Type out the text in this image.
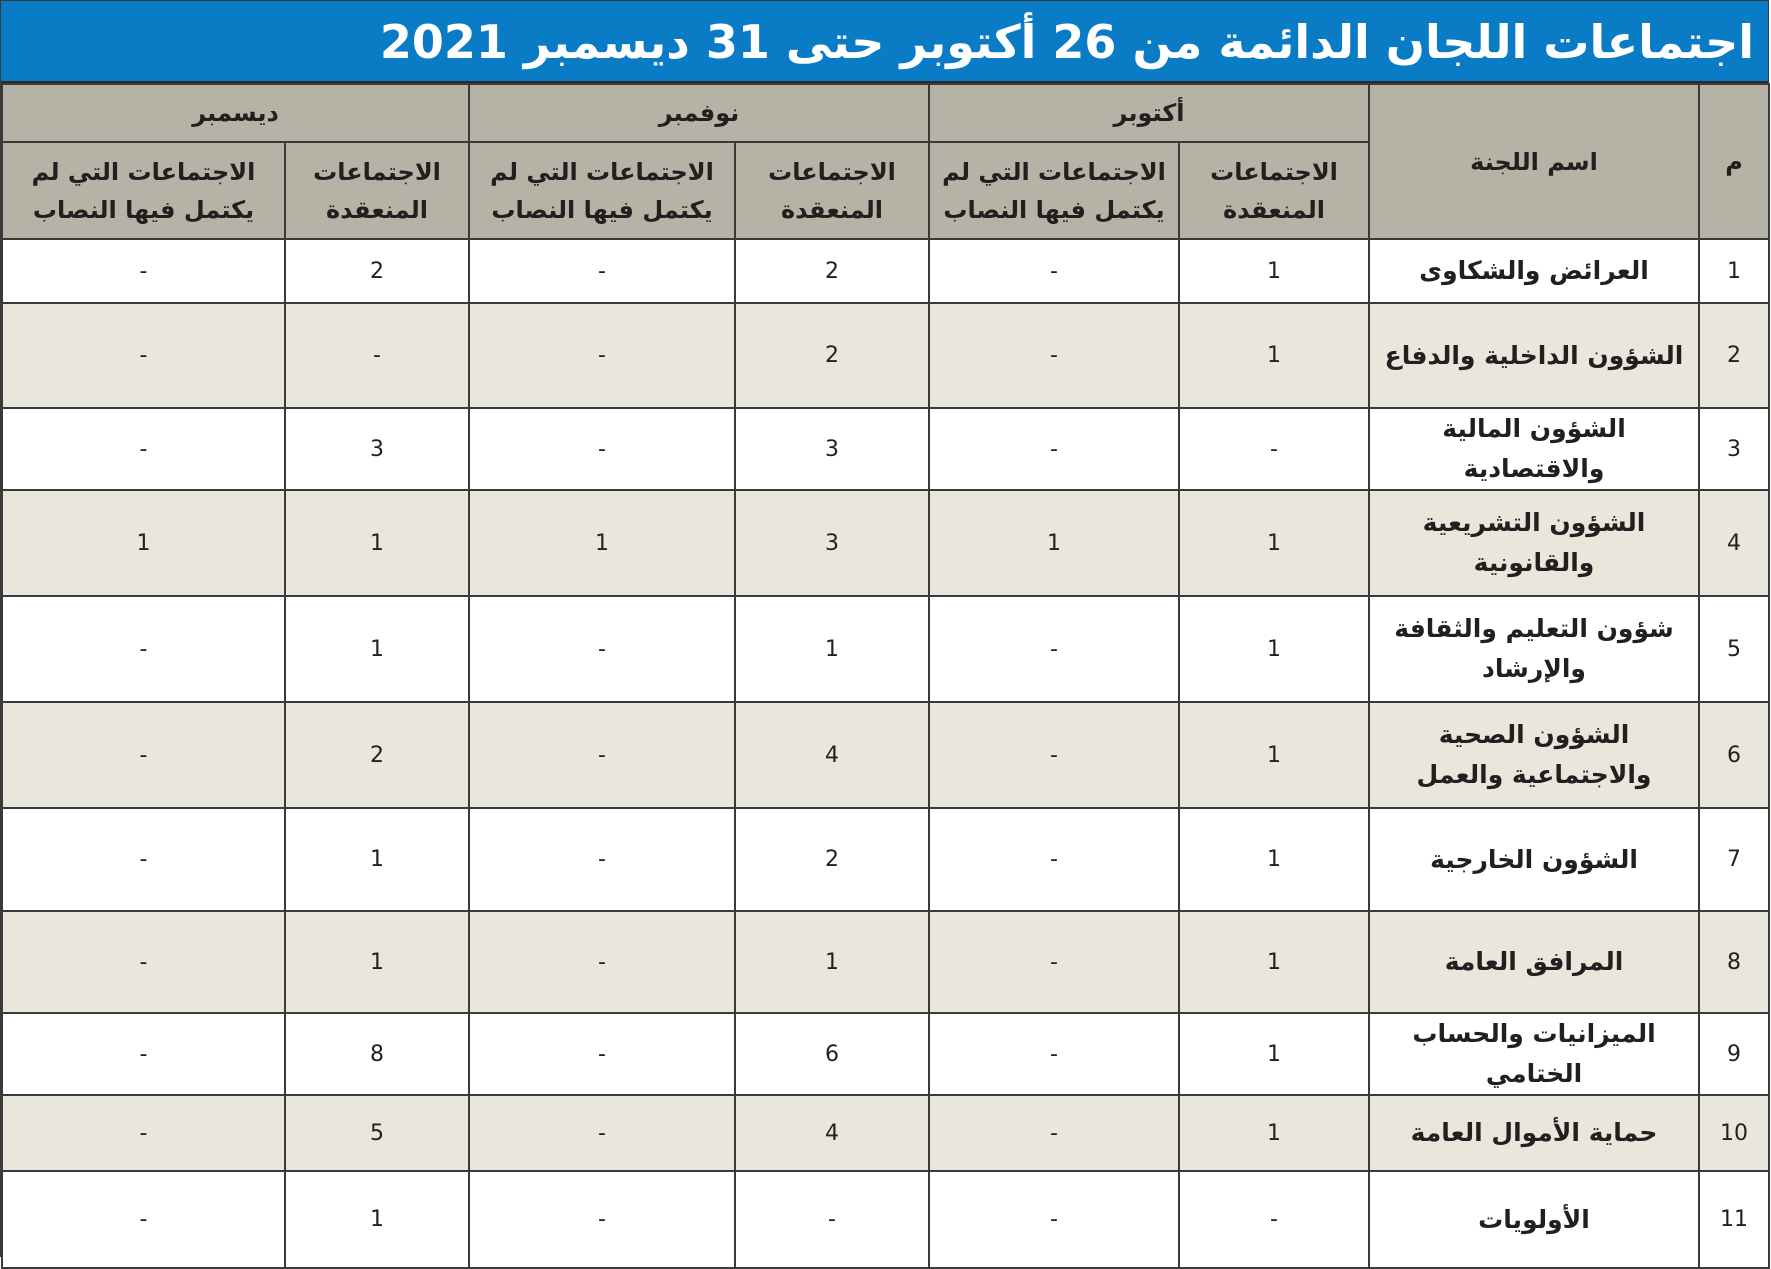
اجتماعات اللجان الدائمة من 26 أكتوبر حتى 31 ديسمبر 2021
م	اسم اللجنة	أكتوبر		نوفمبر		ديسمبر	
		الاجتماعات المنعقدة	الاجتماعات التي لم يكتمل فيها النصاب	الاجتماعات المنعقدة	الاجتماعات التي لم يكتمل فيها النصاب	الاجتماعات المنعقدة	الاجتماعات التي لم يكتمل فيها النصاب
1	العرائض والشكاوى	1	-	2	-	2	-
2	الشؤون الداخلية والدفاع	1	-	2	-	-	-
3	الشؤون المالية والاقتصادية	-	-	3	-	3	-
4	الشؤون التشريعية والقانونية	1	1	3	1	1	1
5	شؤون التعليم والثقافة والإرشاد	1	-	1	-	1	-
6	الشؤون الصحية والاجتماعية والعمل	1	-	4	-	2	-
7	الشؤون الخارجية	1	-	2	-	1	-
8	المرافق العامة	1	-	1	-	1	-
9	الميزانيات والحساب الختامي	1	-	6	-	8	-
10	حماية الأموال العامة	1	-	4	-	5	-
11	الأولويات	-	-	-	-	1	-
